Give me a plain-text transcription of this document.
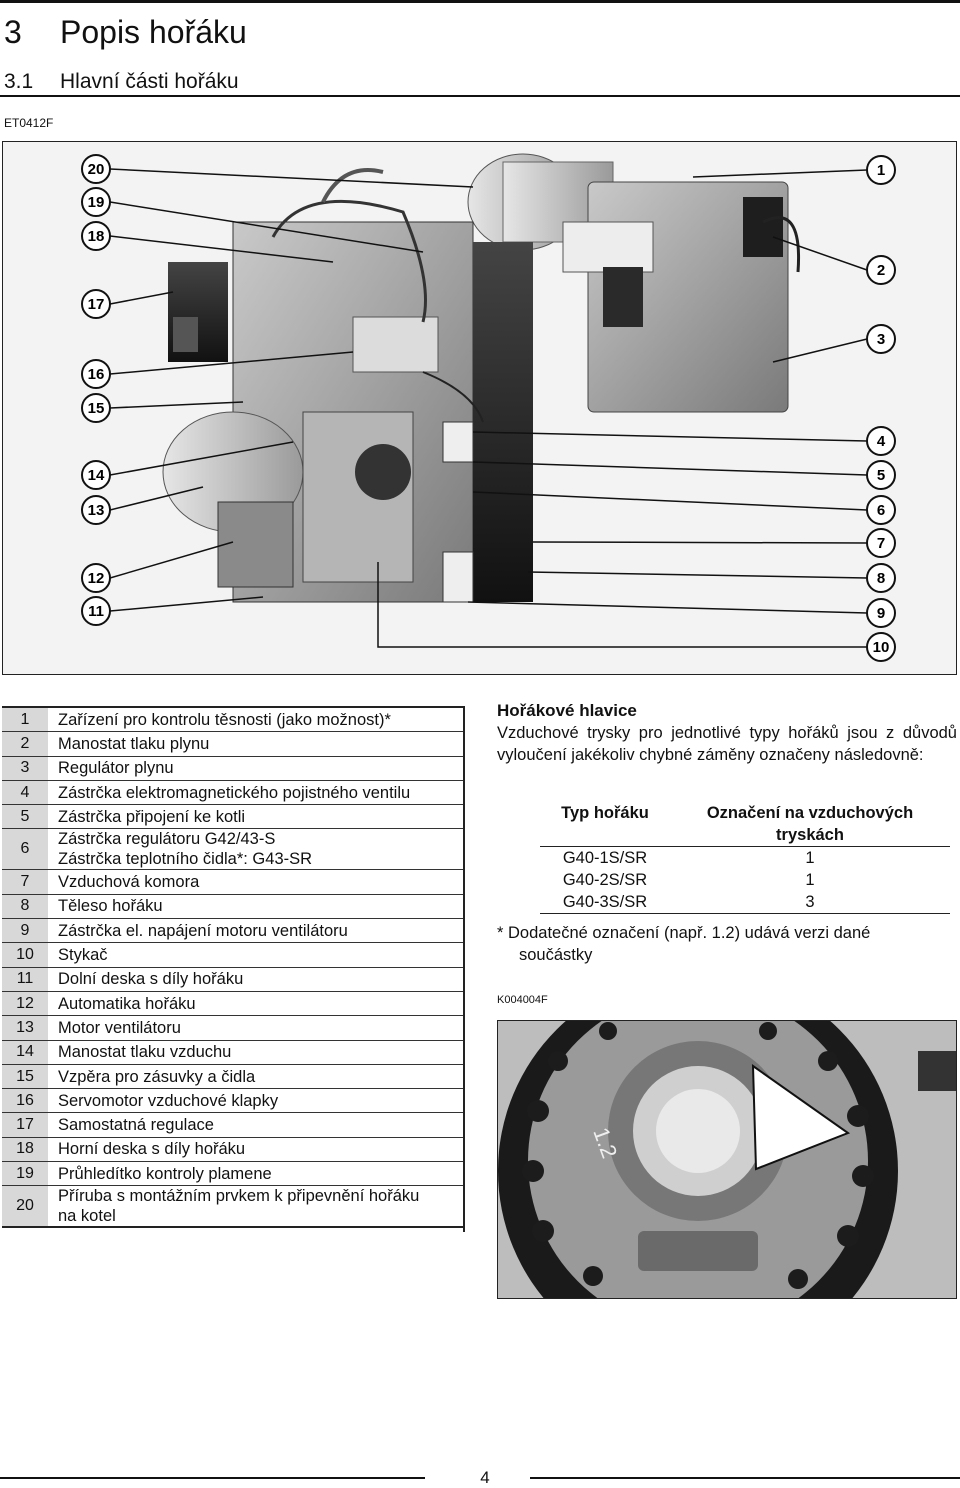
3 Popis hořáku
3.1 Hlavní části hořáku
ET0412F
20
19
18
17
16
15
14
13
12
11
1
2
3
4
5
6
7
8
9
10
1	Zařízení pro kontrolu těsnosti (jako možnost)*

2	Manostat tlaku plynu

3	Regulátor plynu

4	Zástrčka elektromagnetického pojistného ventilu

5	Zástrčka připojení ke kotli

6	Zástrčka regulátoru G42/43-S
Zástrčka teplotního čidla*: G43-SR

7	Vzduchová komora

8	Těleso hořáku

9	Zástrčka el. napájení motoru ventilátoru

10	Stykač

11	Dolní deska s díly hořáku

12	Automatika hořáku

13	Motor ventilátoru

14	Manostat tlaku vzduchu

15	Vzpěra pro zásuvky a čidla

16	Servomotor vzduchové klapky

17	Samostatná regulace

18	Horní deska s díly hořáku

19	Průhledítko kontroly plamene

20	Příruba s montážním prvkem k připevnění hořáku
na kotel
Hořákové hlavice
Vzduchové trysky pro jednotlivé typy hořáků jsou z důvodů vyloučení jakékoliv chybné záměny označeny následovně:
Typ hořáku	Označení na vzduchových
tryskách
G40-1S/SR	1
G40-2S/SR	1
G40-3S/SR	3
* Dodatečné označení (např. 1.2) udává verzi dané
součástky
K004004F
1.2
4
